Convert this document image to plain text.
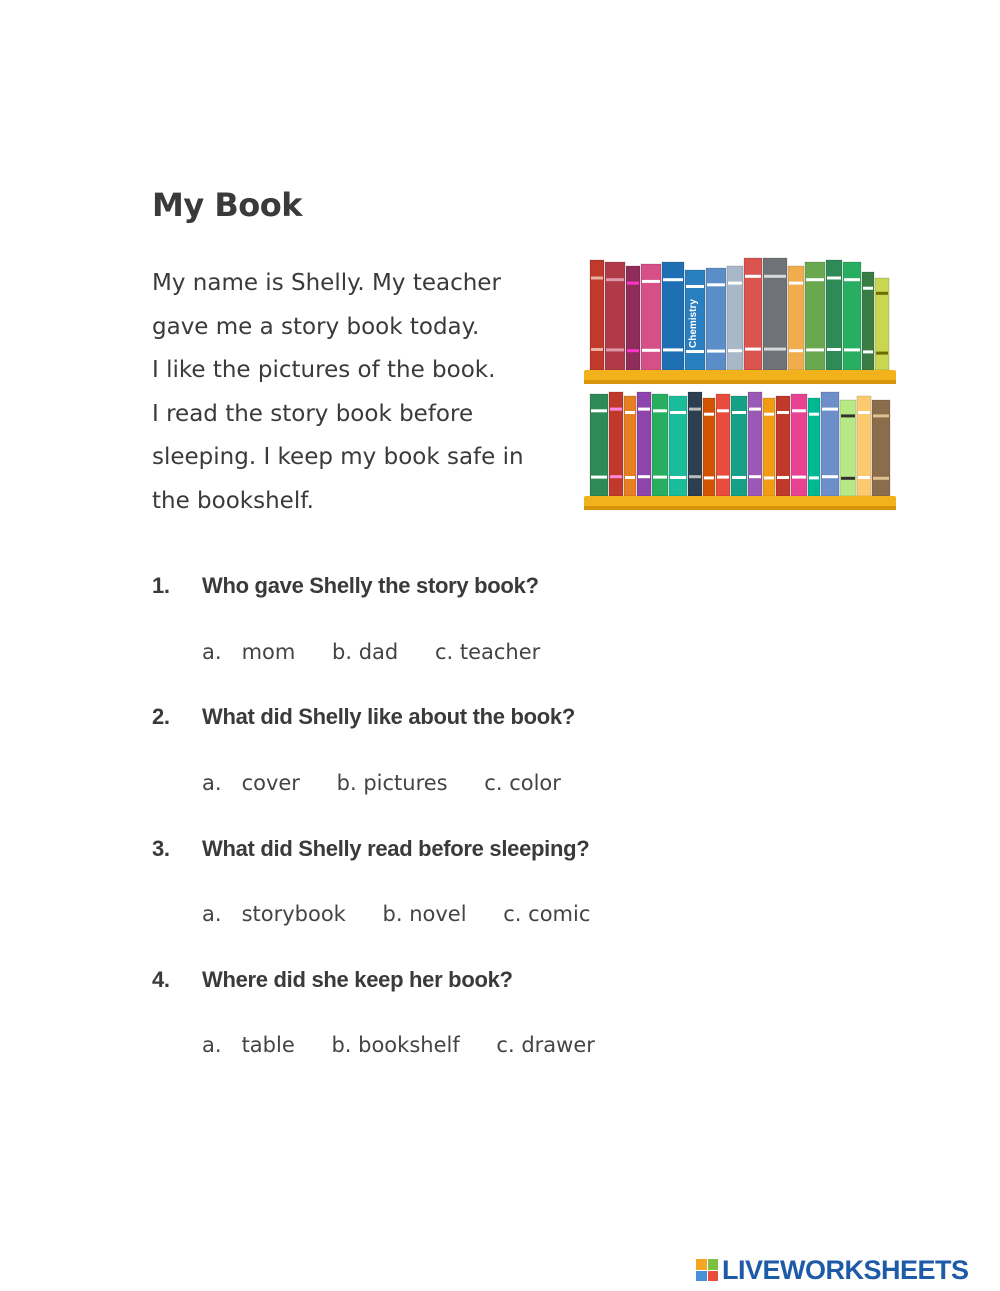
My Book
My name is Shelly. My teacher
gave me a story book today.
I like the pictures of the book.
I read the story book before
sleeping. I keep my book safe in
the bookshelf.
Chemistry
1. Who gave Shelly the story book?
a.   mom b. dad c. teacher
2. What did Shelly like about the book?
a.   cover b. pictures c. color
3. What did Shelly read before sleeping?
a.   storybook b. novel c. comic
4. Where did she keep her book?
a.   table b. bookshelf c. drawer
LIVEWORKSHEETS
